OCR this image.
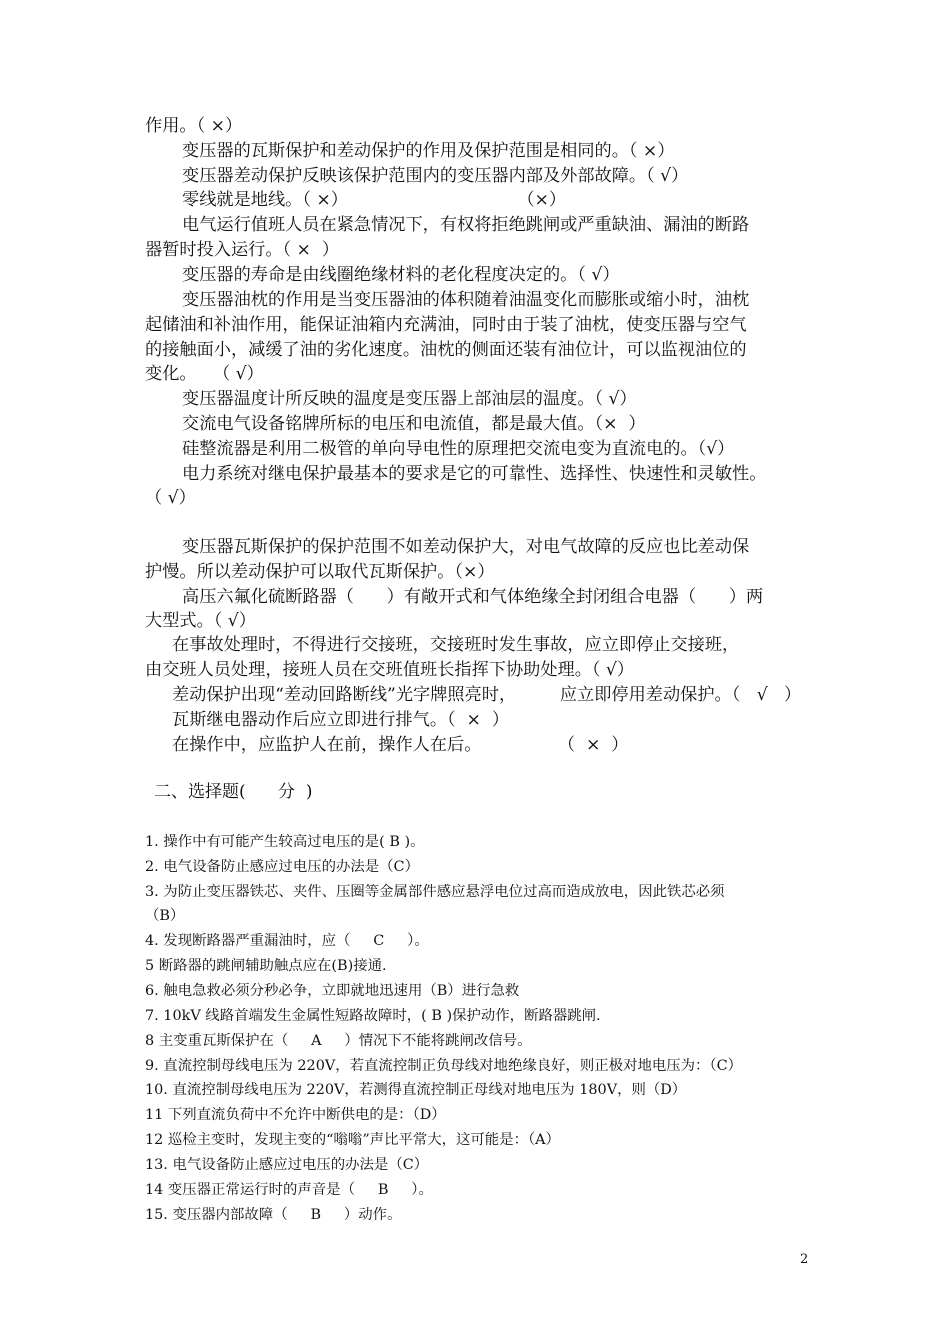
作用。（ ×）
变压器的瓦斯保护和差动保护的作用及保护范围是相同的。（ ×）
变压器差动保护反映该保护范围内的变压器内部及外部故障。（ √）
零线就是地线。（ ×）                               （×）
电气运行值班人员在紧急情况下，有权将拒绝跳闸或严重缺油、漏油的断路
器暂时投入运行。（ ×  ）
变压器的寿命是由线圈绝缘材料的老化程度决定的。（ √）
变压器油枕的作用是当变压器油的体积随着油温变化而膨胀或缩小时，油枕
起储油和补油作用，能保证油箱内充满油，同时由于装了油枕，使变压器与空气
的接触面小，减缓了油的劣化速度。油枕的侧面还装有油位计，可以监视油位的
变化。   （ √）
变压器温度计所反映的温度是变压器上部油层的温度。（ √）
交流电气设备铭牌所标的电压和电流值，都是最大值。（×  ）
硅整流器是利用二极管的单向导电性的原理把交流电变为直流电的。（√）
电力系统对继电保护最基本的要求是它的可靠性、选择性、快速性和灵敏性。
（ √）
变压器瓦斯保护的保护范围不如差动保护大，对电气故障的反应也比差动保
护慢。所以差动保护可以取代瓦斯保护。（×）
高压六氟化硫断路器（      ）有敞开式和气体绝缘全封闭组合电器（      ）两
大型式。（ √）
在事故处理时，不得进行交接班，交接班时发生事故，应立即停止交接班，
由交班人员处理，接班人员在交班值班长指挥下协助处理。（ √）
差动保护出现“差动回路断线”光字牌照亮时，        应立即停用差动保护。（   √   ）
瓦斯继电器动作后应立即进行排气。（  ×  ）
在操作中，应监护人在前，操作人在后。              （  ×  ）
二、选择题(      分  )
1. 操作中有可能产生较高过电压的是( B )。
2. 电气设备防止感应过电压的办法是（C）
3. 为防止变压器铁芯、夹件、压圈等金属部件感应悬浮电位过高而造成放电，因此铁芯必须
（B）
4. 发现断路器严重漏油时，应（     C     ）。
5 断路器的跳闸辅助触点应在(B)接通.
6. 触电急救必须分秒必争，立即就地迅速用（B）进行急救
7. 10kV 线路首端发生金属性短路故障时，( B )保护动作，断路器跳闸.
8 主变重瓦斯保护在（     A     ）情况下不能将跳闸改信号。
9. 直流控制母线电压为 220V，若直流控制正负母线对地绝缘良好，则正极对地电压为：（C）
10. 直流控制母线电压为 220V，若测得直流控制正母线对地电压为 180V，则（D）
11 下列直流负荷中不允许中断供电的是：（D）
12 巡检主变时，发现主变的“嗡嗡”声比平常大，这可能是：（A）
13. 电气设备防止感应过电压的办法是（C）
14 变压器正常运行时的声音是（     B     ）。
15. 变压器内部故障（     B     ）动作。
2
